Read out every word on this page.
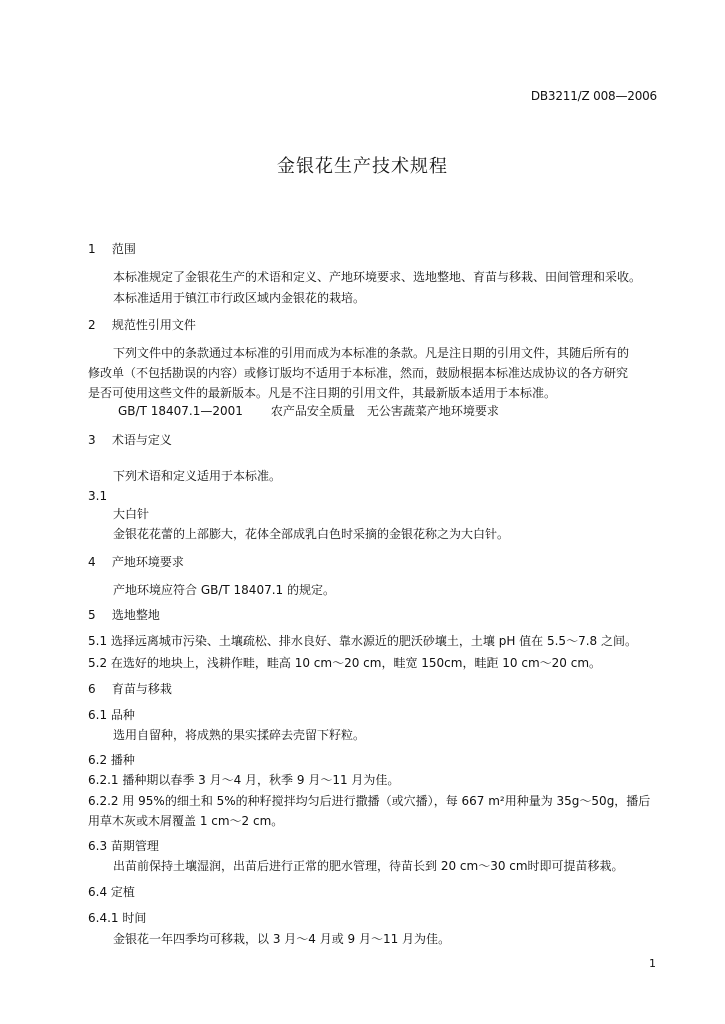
DB3211/Z 008—2006
金银花生产技术规程
1 范围
本标准规定了金银花生产的术语和定义、产地环境要求、选地整地、育苗与移栽、田间管理和采收。
本标准适用于镇江市行政区域内金银花的栽培。
2 规范性引用文件
下列文件中的条款通过本标准的引用而成为本标准的条款。凡是注日期的引用文件，其随后所有的
修改单（不包括勘误的内容）或修订版均不适用于本标准，然而，鼓励根据本标准达成协议的各方研究
是否可使用这些文件的最新版本。凡是不注日期的引用文件，其最新版本适用于本标准。
GB/T 18407.1—2001 农产品安全质量 无公害蔬菜产地环境要求
3 术语与定义
下列术语和定义适用于本标准。
3.1
大白针
金银花花蕾的上部膨大，花体全部成乳白色时采摘的金银花称之为大白针。
4 产地环境要求
产地环境应符合 GB/T 18407.1 的规定。
5 选地整地
5.1 选择远离城市污染、土壤疏松、排水良好、靠水源近的肥沃砂壤土，土壤 pH 值在 5.5～7.8 之间。
5.2 在选好的地块上，浅耕作畦，畦高 10 cm～20 cm，畦宽 150cm，畦距 10 cm～20 cm。
6 育苗与移栽
6.1 品种
选用自留种，将成熟的果实揉碎去壳留下籽粒。
6.2 播种
6.2.1 播种期以春季 3 月～4 月，秋季 9 月～11 月为佳。
6.2.2 用 95%的细土和 5%的种籽搅拌均匀后进行撒播（或穴播），每 667 m²用种量为 35g～50g，播后
用草木灰或木屑覆盖 1 cm～2 cm。
6.3 苗期管理
出苗前保持土壤湿润，出苗后进行正常的肥水管理，待苗长到 20 cm～30 cm时即可提苗移栽。
6.4 定植
6.4.1 时间
金银花一年四季均可移栽，以 3 月～4 月或 9 月～11 月为佳。
1
